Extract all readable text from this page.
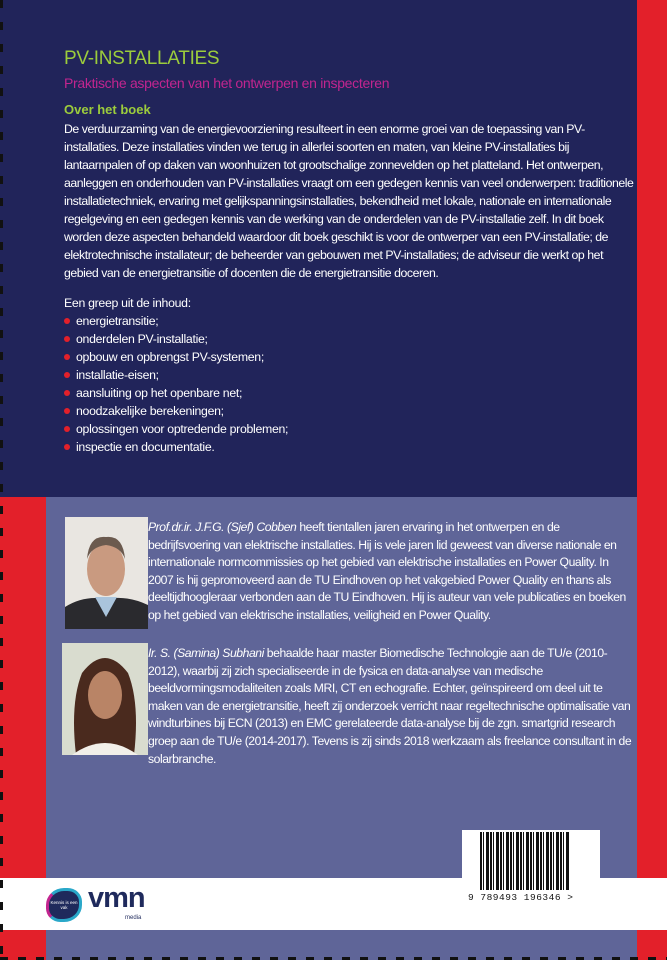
PV-INSTALLATIES
Praktische aspecten van het ontwerpen en inspecteren
Over het boek

De verduurzaming van de energievoorziening resulteert in een enorme groei van de toepassing van PV-installaties. Deze installaties vinden we terug in allerlei soorten en maten, van kleine PV-installaties bij lantaarnpalen of op daken van woonhuizen tot grootschalige zonnevelden op het platteland. Het ontwerpen, aanleggen en onderhouden van PV-installaties vraagt om een gedegen kennis van veel onderwerpen: traditionele installatietechniek, ervaring met gelijkspanningsinstallaties, bekendheid met lokale, nationale en internationale regelgeving en een gedegen kennis van de werking van de onderdelen van de PV-installatie zelf. In dit boek worden deze aspecten behandeld waardoor dit boek geschikt is voor de ontwerper van een PV-installatie; de elektrotechnische installateur; de beheerder van gebouwen met PV-installaties; de adviseur die werkt op het gebied van de energietransitie of docenten die de energietransitie doceren.

Een greep uit de inhoud:
energietransitie;
onderdelen PV-installatie;
opbouw en opbrengst PV-systemen;
installatie-eisen;
aansluiting op het openbare net;
noodzakelijke berekeningen;
oplossingen voor optredende problemen;
inspectie en documentatie.

Prof.dr.ir. J.F.G. (Sjef) Cobben heeft tientallen jaren ervaring in het ontwerpen en de bedrijfsvoering van elektrische installaties. Hij is vele jaren lid geweest van diverse nationale en internationale normcommissies op het gebied van elektrische installaties en Power Quality. In 2007 is hij gepromoveerd aan de TU Eindhoven op het vakgebied Power Quality en thans als deeltijdhoogleraar verbonden aan de TU Eindhoven. Hij is auteur van vele publicaties en boeken op het gebied van elektrische installaties, veiligheid en Power Quality.

Ir. S. (Samina) Subhani behaalde haar master Biomedische Technologie aan de TU/e (2010-2012), waarbij zij zich specialiseerde in de fysica en data-analyse van medische beeldvormingsmodaliteiten zoals MRI, CT en echografie. Echter, geïnspireerd om deel uit te maken van de energietransitie, heeft zij onderzoek verricht naar regeltechnische optimalisatie van windturbines bij ECN (2013) en EMC gerelateerde data-analyse bij de zgn. smartgrid research groep aan de TU/e (2014-2017). Tevens is zij sinds 2018 werkzaam als freelance consultant in de solarbranche.

9 789493 196346 >
Kennis is een vak vmn
media
